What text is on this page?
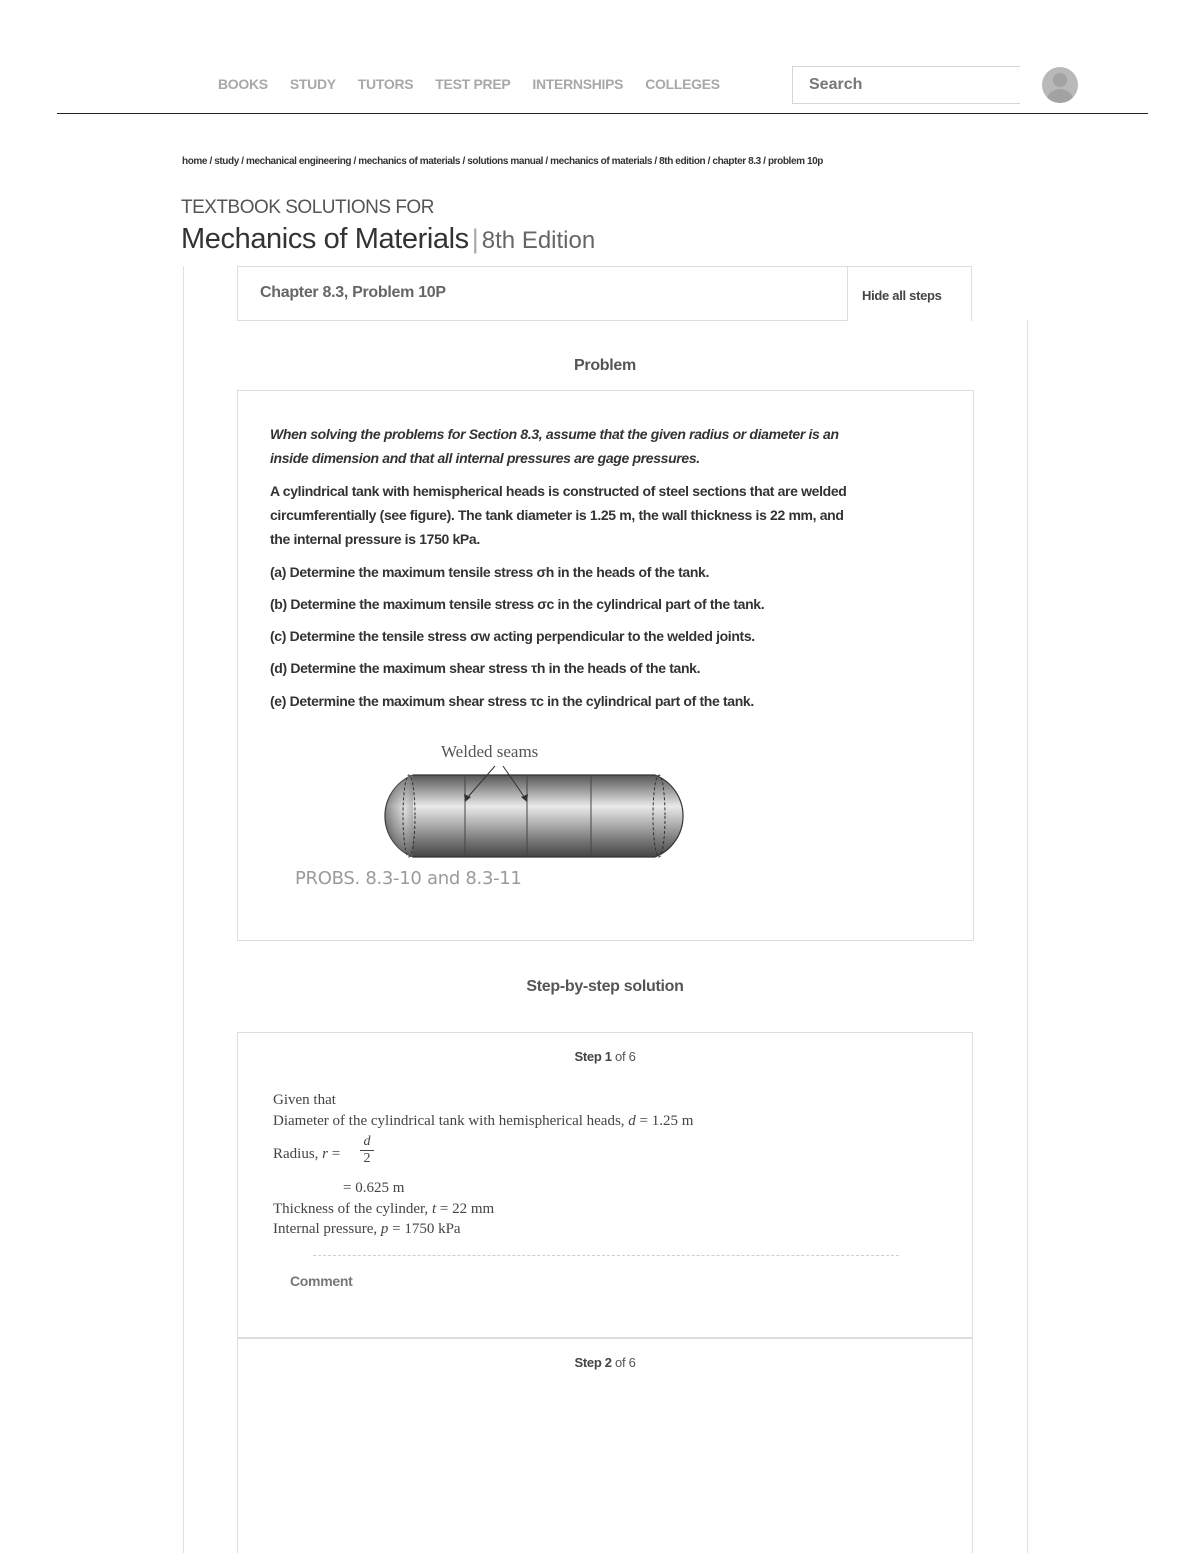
BOOKS STUDY TUTORS TEST PREP INTERNSHIPS COLLEGES
Search
home / study / mechanical engineering / mechanics of materials / solutions manual / mechanics of materials / 8th edition / chapter 8.3 / problem 10p
TEXTBOOK SOLUTIONS FOR
Mechanics of Materials | 8th Edition
Chapter 8.3, Problem 10P	Hide all steps
Problem
When solving the problems for Section 8.3, assume that the given radius or diameter is an
inside dimension and that all internal pressures are gage pressures.
A cylindrical tank with hemispherical heads is constructed of steel sections that are welded
circumferentially (see figure). The tank diameter is 1.25 m, the wall thickness is 22 mm, and
the internal pressure is 1750 kPa.
(a) Determine the maximum tensile stress σh in the heads of the tank.
(b) Determine the maximum tensile stress σc in the cylindrical part of the tank.
(c) Determine the tensile stress σw acting perpendicular to the welded joints.
(d) Determine the maximum shear stress τh in the heads of the tank.
(e) Determine the maximum shear stress τc in the cylindrical part of the tank.
Welded seams
PROBS. 8.3-10 and 8.3-11
Step-by-step solution
Step 1 of 6
Given that
Diameter of the cylindrical tank with hemispherical heads, d = 1.25 m
Radius, $r = \frac{d}{2}$
= 0.625 m
Thickness of the cylinder, t = 22 mm
Internal pressure, p = 1750 kPa
Comment
Step 2 of 6
